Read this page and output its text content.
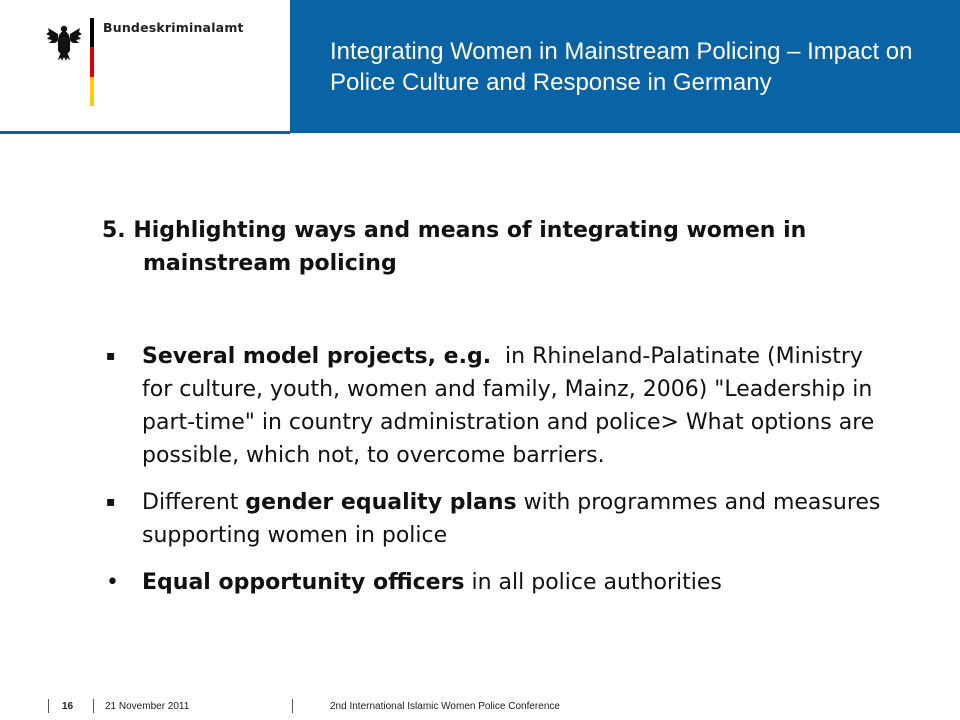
Bundeskriminalamt
Integrating Women in Mainstream Policing – Impact on Police Culture and Response in Germany

5. Highlighting ways and means of integrating women in mainstream policing

▪ Several model projects, e.g.  in Rhineland-Palatinate (Ministry for culture, youth, women and family, Mainz, 2006) "Leadership in part-time" in country administration and police> What options are possible, which not, to overcome barriers.
▪ Different gender equality plans with programmes and measures supporting women in police
• Equal opportunity officers in all police authorities
16	21 November 2011	2nd International Islamic Women Police Conference
